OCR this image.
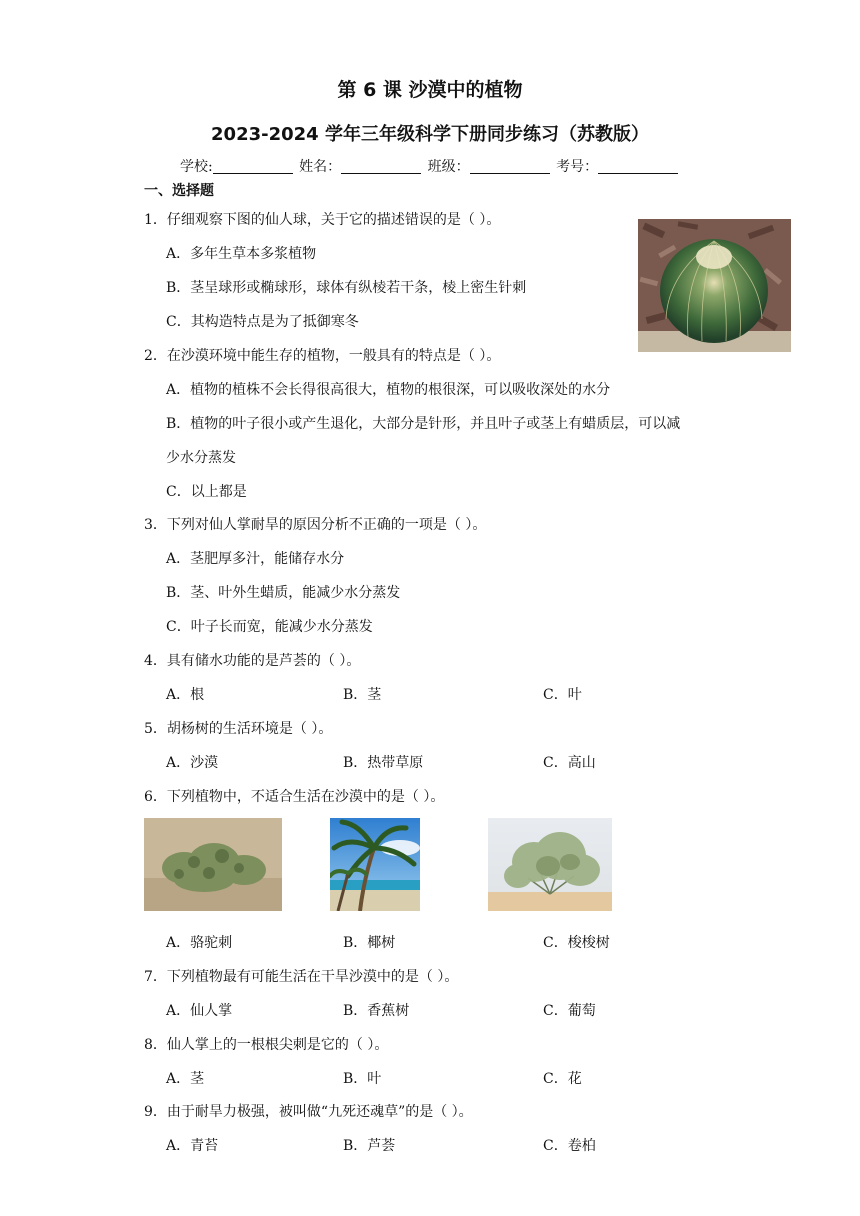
第 6 课 沙漠中的植物
2023-2024 学年三年级科学下册同步练习（苏教版）
学校:	姓名：	班级：	考号：
一、选择题
1．仔细观察下图的仙人球，关于它的描述错误的是（ ）。
A．多年生草本多浆植物
B．茎呈球形或椭球形，球体有纵棱若干条，棱上密生针刺
C．其构造特点是为了抵御寒冬
2．在沙漠环境中能生存的植物，一般具有的特点是（ ）。
A．植物的植株不会长得很高很大，植物的根很深，可以吸收深处的水分
B．植物的叶子很小或产生退化，大部分是针形，并且叶子或茎上有蜡质层，可以减
少水分蒸发
C．以上都是
3．下列对仙人掌耐旱的原因分析不正确的一项是（ ）。
A．茎肥厚多汁，能储存水分
B．茎、叶外生蜡质，能减少水分蒸发
C．叶子长而宽，能减少水分蒸发
4．具有储水功能的是芦荟的（ ）。
A．根	B．茎	C．叶
5．胡杨树的生活环境是（ ）。
A．沙漠	B．热带草原	C．高山
6．下列植物中，不适合生活在沙漠中的是（ ）。
A．骆驼刺	B．椰树	C．梭梭树
7．下列植物最有可能生活在干旱沙漠中的是（ ）。
A．仙人掌	B．香蕉树	C．葡萄
8．仙人掌上的一根根尖刺是它的（ ）。
A．茎	B．叶	C．花
9．由于耐旱力极强，被叫做“九死还魂草”的是（ ）。
A．青苔	B．芦荟	C．卷柏
